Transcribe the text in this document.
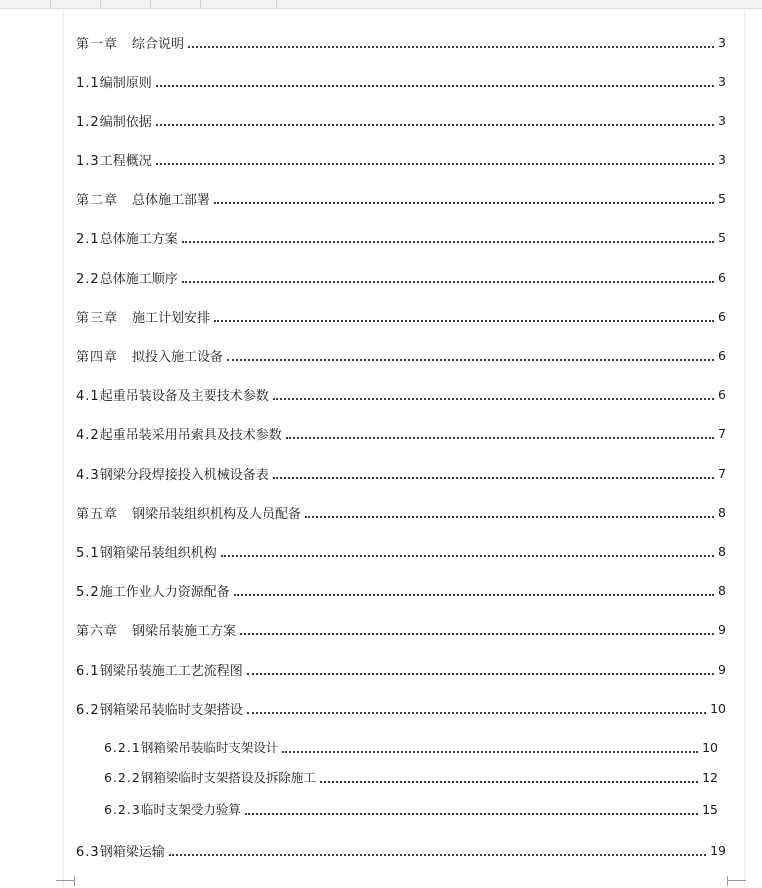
第一章 综合说明	3
1.1编制原则	3
1.2编制依据	3
1.3工程概况	3
第二章 总体施工部署	5
2.1总体施工方案	5
2.2总体施工顺序	6
第三章 施工计划安排	6
第四章 拟投入施工设备	6
4.1起重吊装设备及主要技术参数	6
4.2起重吊装采用吊索具及技术参数	7
4.3钢梁分段焊接投入机械设备表	7
第五章 钢梁吊装组织机构及人员配备	8
5.1钢箱梁吊装组织机构	8
5.2施工作业人力资源配备	8
第六章 钢梁吊装施工方案	9
6.1钢梁吊装施工工艺流程图	9
6.2钢箱梁吊装临时支架搭设	10
6.2.1钢箱梁吊装临时支架设计	10
6.2.2钢箱梁临时支架搭设及拆除施工	12
6.2.3临时支架受力验算	15
6.3钢箱梁运输	19
